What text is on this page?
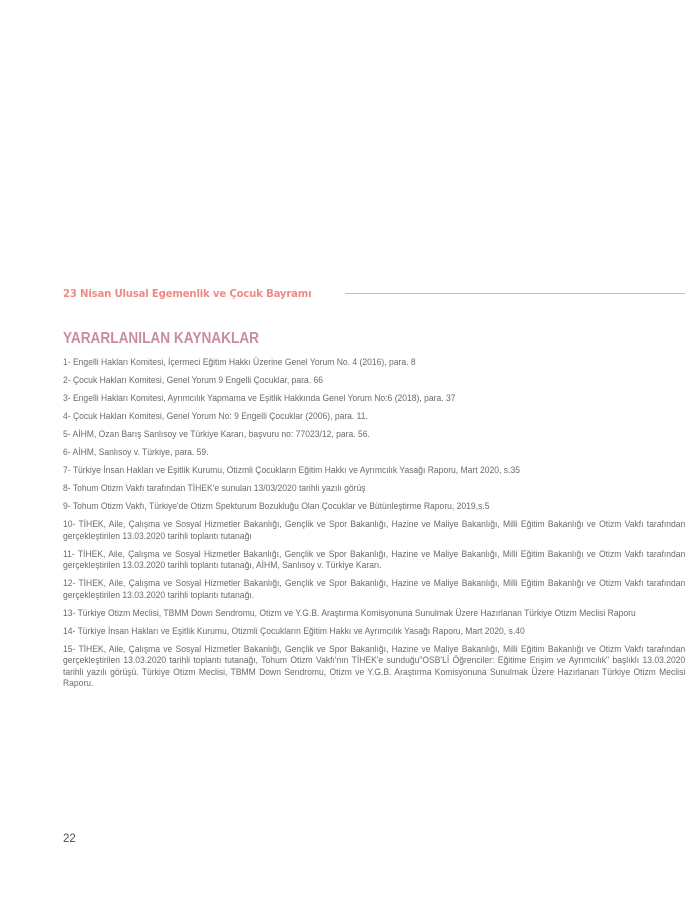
23 Nisan Ulusal Egemenlik ve Çocuk Bayramı
YARARLANILAN KAYNAKLAR

1- Engelli Hakları Komitesi, İçermeci Eğitim Hakkı Üzerine Genel Yorum No. 4 (2016), para. 8

2- Çocuk Hakları Komitesi, Genel Yorum 9 Engelli Çocuklar, para. 66

3- Engelli Hakları Komitesi, Ayrımcılık Yapmama ve Eşitlik Hakkında Genel Yorum No:6 (2018), para. 37

4- Çocuk Hakları Komitesi, Genel Yorum No: 9 Engelli Çocuklar (2006), para. 11.

5- AİHM, Ozan Barış Sanlısoy ve Türkiye Kararı, başvuru no: 77023/12, para. 56.

6- AİHM, Sanlısoy v. Türkiye, para. 59.

7- Türkiye İnsan Hakları ve Eşitlik Kurumu, Otizmli Çocukların Eğitim Hakkı ve Ayrımcılık Yasağı Raporu, Mart 2020, s.35

8- Tohum Otizm Vakfı tarafından TİHEK'e sunulan 13/03/2020 tarihli yazılı görüş

9- Tohum Otizm Vakfı, Türkiye'de Otizm Spekturum Bozukluğu Olan Çocuklar ve Bütünleştirme Raporu, 2019,s.5

10- TİHEK, Aile, Çalışma ve Sosyal Hizmetler Bakanlığı, Gençlik ve Spor Bakanlığı, Hazine ve Maliye Bakanlığı, Milli Eğitim Bakanlığı ve Otizm Vakfı tarafından gerçekleştirilen 13.03.2020 tarihli toplantı tutanağı

11- TİHEK, Aile, Çalışma ve Sosyal Hizmetler Bakanlığı, Gençlik ve Spor Bakanlığı, Hazine ve Maliye Bakanlığı, Milli Eğitim Bakanlığı ve Otizm Vakfı tarafından gerçekleştirilen 13.03.2020 tarihli toplantı tutanağı, AİHM, Sanlısoy v. Türkiye Kararı.

12- TİHEK, Aile, Çalışma ve Sosyal Hizmetler Bakanlığı, Gençlik ve Spor Bakanlığı, Hazine ve Maliye Bakanlığı, Milli Eğitim Bakanlığı ve Otizm Vakfı tarafından gerçekleştirilen 13.03.2020 tarihli toplantı tutanağı.

13- Türkiye Otizm Meclisi, TBMM Down Sendromu, Otizm ve Y.G.B. Araştırma Komisyonuna Sunulmak Üzere Hazırlanan Türkiye Otizm Meclisi Raporu

14- Türkiye İnsan Hakları ve Eşitlik Kurumu, Otizmli Çocukların Eğitim Hakkı ve Ayrımcılık Yasağı Raporu, Mart 2020, s.40

15- TİHEK, Aile, Çalışma ve Sosyal Hizmetler Bakanlığı, Gençlik ve Spor Bakanlığı, Hazine ve Maliye Bakanlığı, Milli Eğitim Bakanlığı ve Otizm Vakfı tarafından gerçekleştirilen 13.03.2020 tarihli toplantı tutanağı, Tohum Otizm Vakfı'nın TİHEK'e sunduğu"OSB'Lİ Öğrenciler: Eğitime Erişim ve Ayrımcılık" başlıklı 13.03.2020 tarihli yazılı görüşü. Türkiye Otizm Meclisi, TBMM Down Sendromu, Otizm ve Y.G.B. Araştırma Komisyonuna Sunulmak Üzere Hazırlanan Türkiye Otizm Meclisi Raporu.

22
